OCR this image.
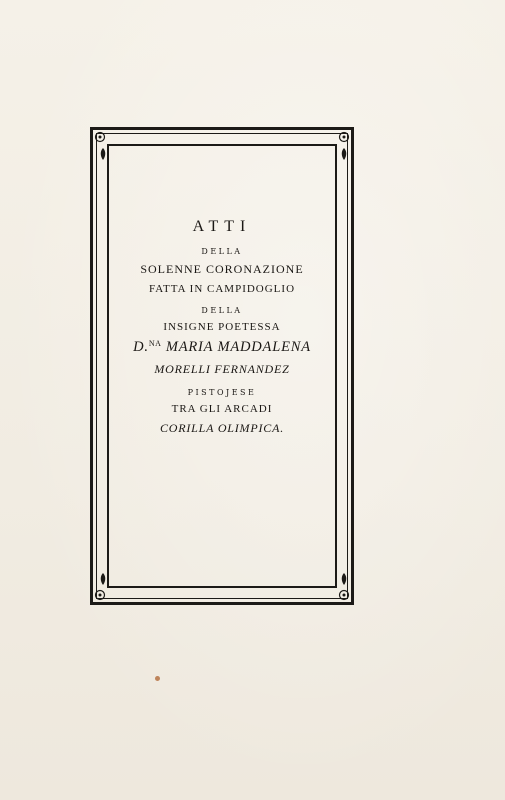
ATTI
DELLA
SOLENNE CORONAZIONE
FATTA IN CAMPIDOGLIO
DELLA
INSIGNE POETESSA
D.$^{NA}$ MARIA MADDALENA
MORELLI FERNANDEZ
PISTOJESE
TRA GLI ARCADI
CORILLA OLIMPICA.
